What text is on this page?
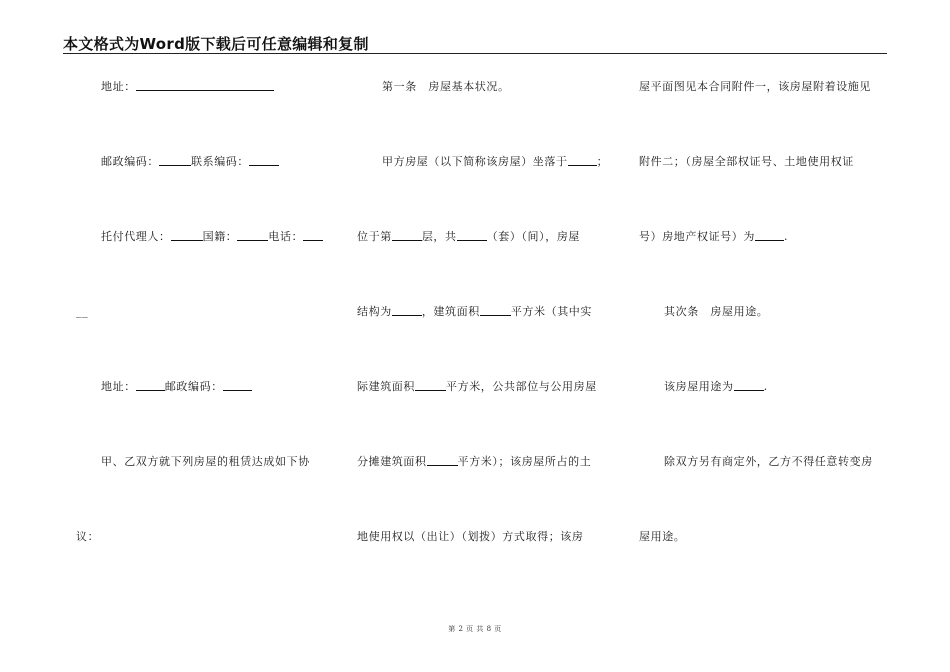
本文格式为Word版下载后可任意编辑和复制
地址：
邮政编码：	联系编码：
托付代理人：	国籍：	电话：
__
地址：	邮政编码：
甲、乙双方就下列房屋的租赁达成如下协
议：
第一条　房屋基本状况。
甲方房屋（以下简称该房屋）坐落于	；
位于第	层，共	（套）（间），房屋
结构为	，建筑面积	平方米（其中实
际建筑面积	平方米，公共部位与公用房屋
分摊建筑面积	平方米）；该房屋所占的土
地使用权以（出让）（划拨）方式取得；该房
屋平面图见本合同附件一，该房屋附着设施见
附件二；（房屋全部权证号、土地使用权证
号）房地产权证号）为	.
其次条　房屋用途。
该房屋用途为	.
除双方另有商定外，乙方不得任意转变房
屋用途。
第 2 页 共 8 页
